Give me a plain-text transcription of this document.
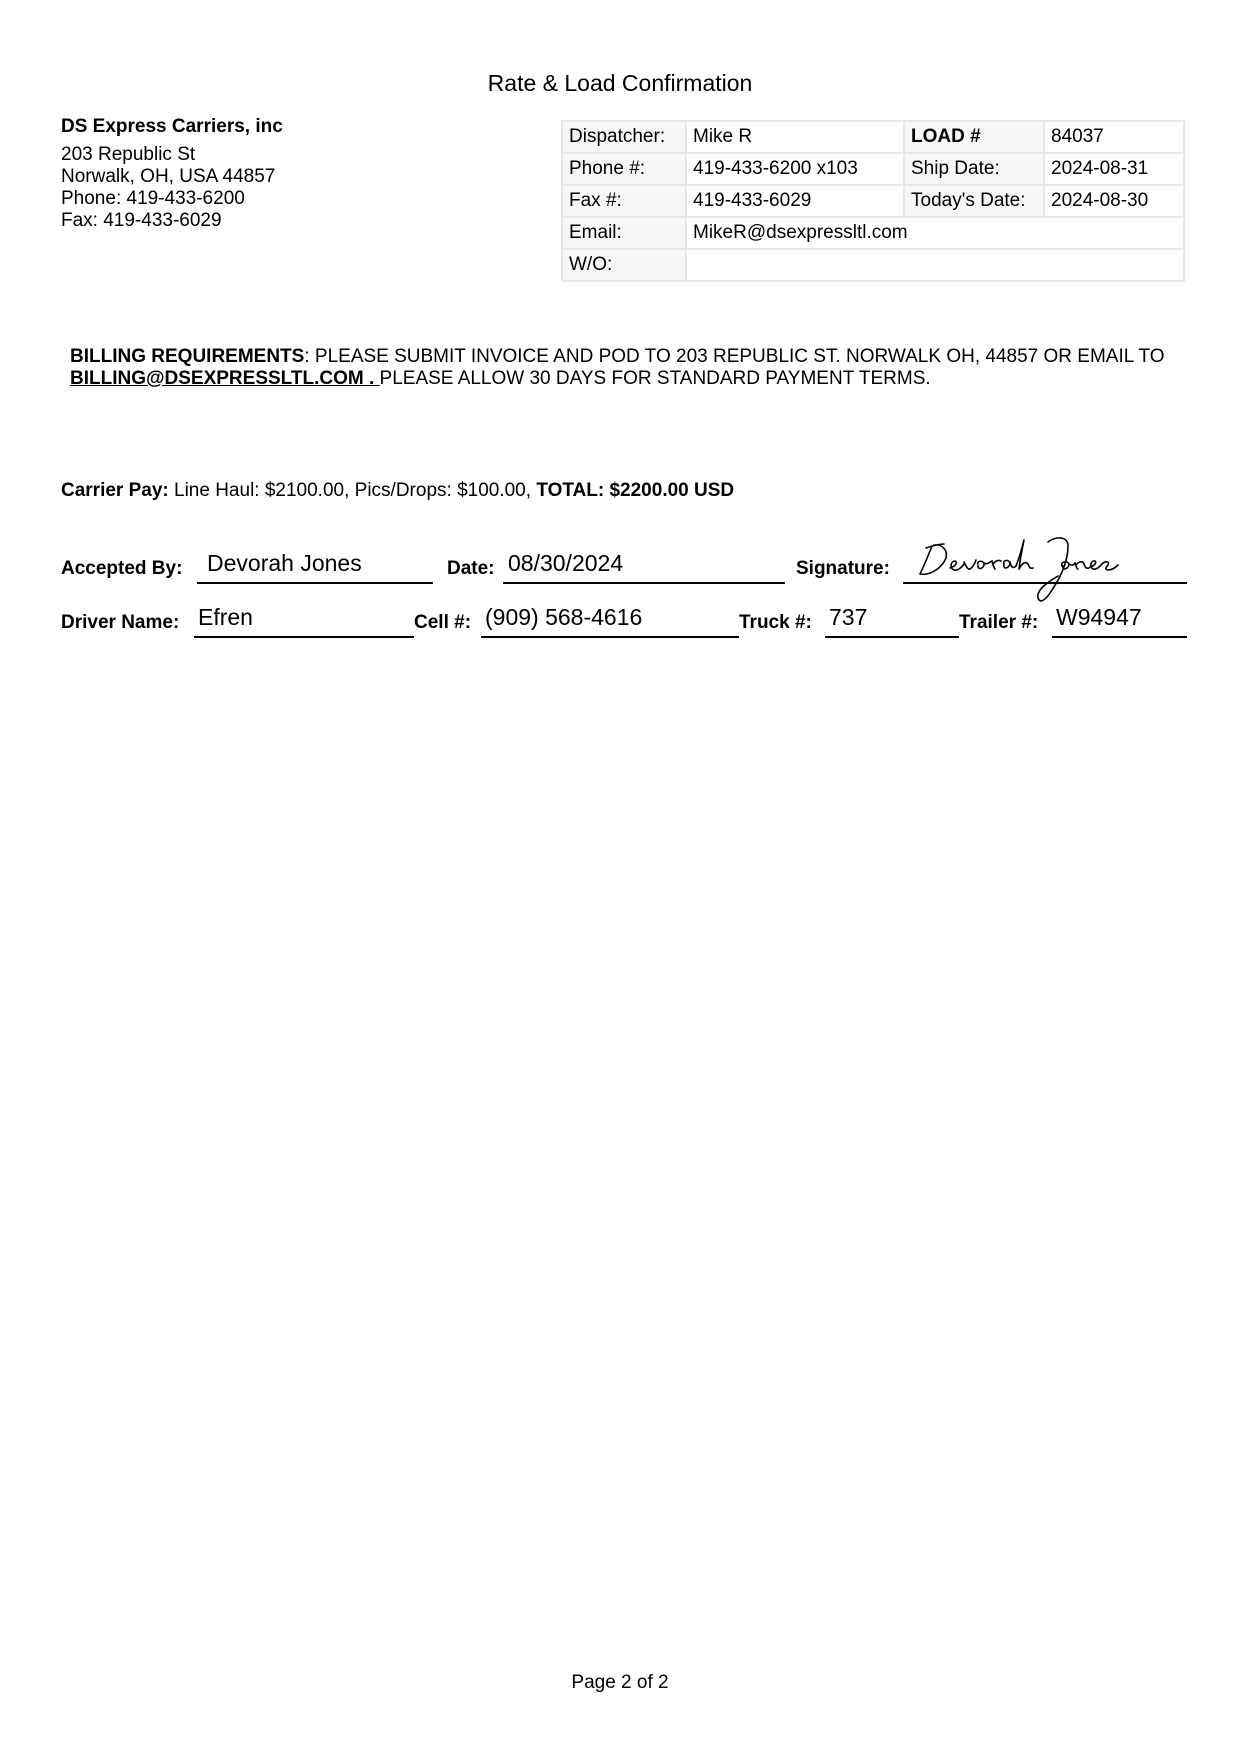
Rate & Load Confirmation
DS Express Carriers, inc
203 Republic St
Norwalk, OH, USA 44857
Phone: 419-433-6200
Fax: 419-433-6029
Dispatcher:	Mike R	LOAD #	84037
Phone #:	419-433-6200 x103	Ship Date:	2024-08-31
Fax #:	419-433-6029	Today's Date:	2024-08-30
Email:	MikeR@dsexpressltl.com		
W/O:			
BILLING REQUIREMENTS: PLEASE SUBMIT INVOICE AND POD TO 203 REPUBLIC ST. NORWALK OH, 44857 OR EMAIL TO BILLING@DSEXPRESSLTL.COM . PLEASE ALLOW 30 DAYS FOR STANDARD PAYMENT TERMS.
Carrier Pay: Line Haul: $2100.00, Pics/Drops: $100.00, TOTAL: $2200.00 USD
Accepted By: Devorah Jones	Date: 08/30/2024	Signature:
Driver Name: Efren	Cell #: (909) 568-4616	Truck #: 737	Trailer #: W94947
Page 2 of 2
